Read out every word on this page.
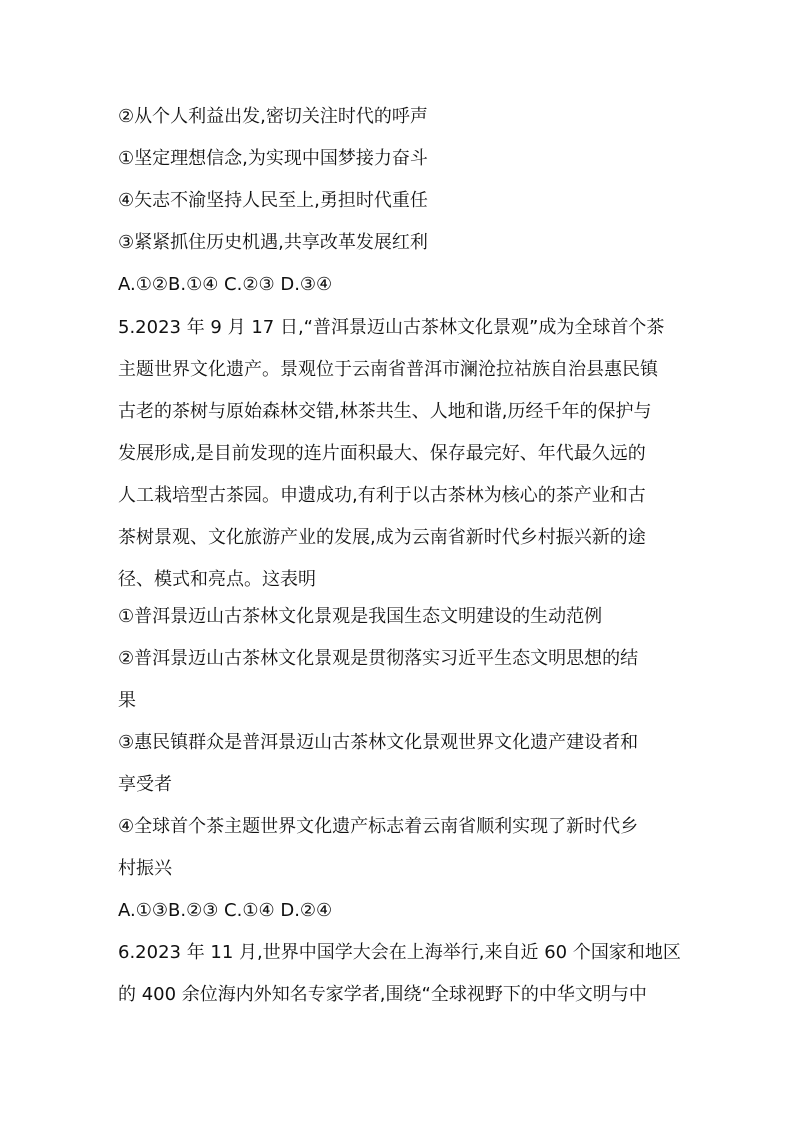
②从个人利益出发,密切关注时代的呼声
①坚定理想信念,为实现中国梦接力奋斗
④矢志不渝坚持人民至上,勇担时代重任
③紧紧抓住历史机遇,共享改革发展红利
A.①②B.①④ C.②③ D.③④
5.2023 年 9 月 17 日,“普洱景迈山古茶林文化景观”成为全球首个茶
主题世界文化遗产。景观位于云南省普洱市澜沧拉祜族自治县惠民镇
古老的茶树与原始森林交错,林茶共生、人地和谐,历经千年的保护与
发展形成,是目前发现的连片面积最大、保存最完好、年代最久远的
人工栽培型古茶园。申遗成功,有利于以古茶林为核心的茶产业和古
茶树景观、文化旅游产业的发展,成为云南省新时代乡村振兴新的途
径、模式和亮点。这表明
①普洱景迈山古茶林文化景观是我国生态文明建设的生动范例
②普洱景迈山古茶林文化景观是贯彻落实习近平生态文明思想的结
果
③惠民镇群众是普洱景迈山古茶林文化景观世界文化遗产建设者和
享受者
④全球首个茶主题世界文化遗产标志着云南省顺利实现了新时代乡
村振兴
A.①③B.②③ C.①④ D.②④
6.2023 年 11 月,世界中国学大会在上海举行,来自近 60 个国家和地区
的 400 余位海内外知名专家学者,围绕“全球视野下的中华文明与中
